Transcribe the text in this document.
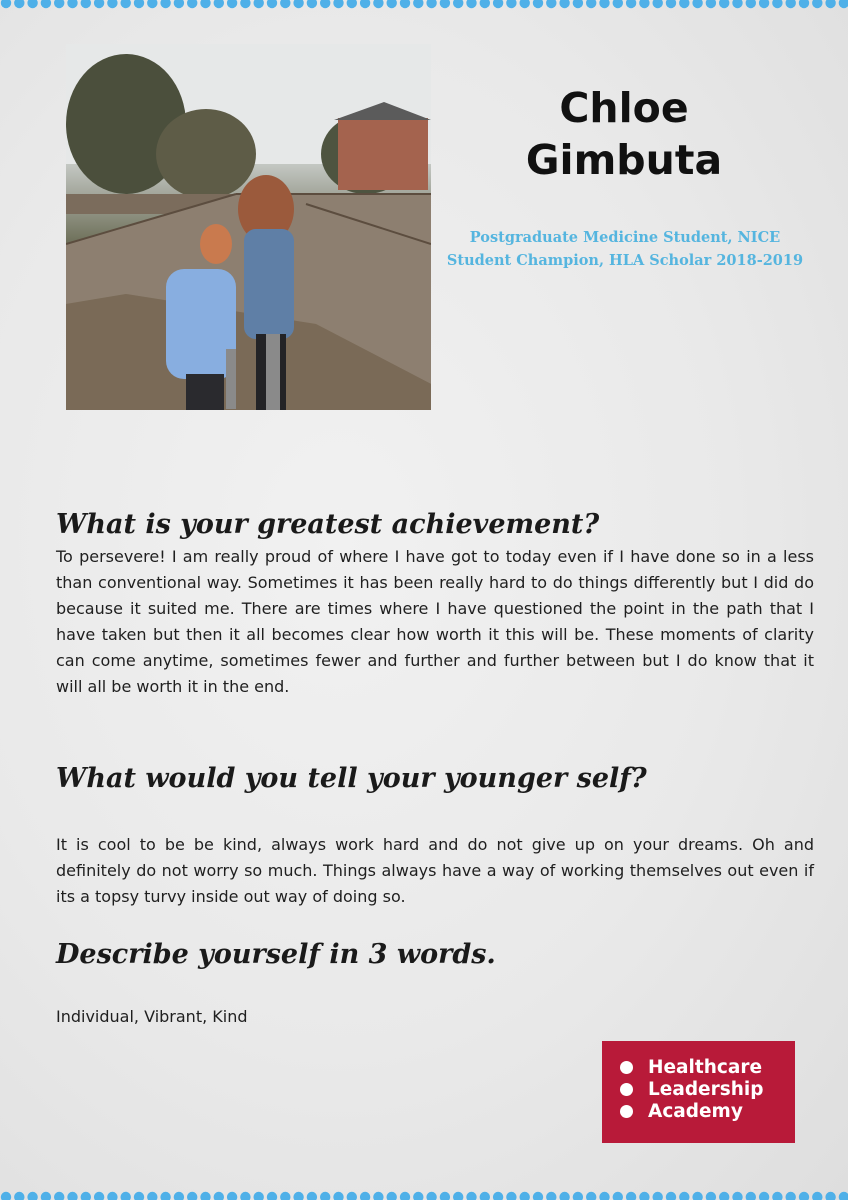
Chloe
Gimbuta
Postgraduate Medicine Student, NICE
Student Champion, HLA Scholar 2018-2019
What is your greatest achievement?

To persevere! I am really proud of where I have got to today even if I have done so in a less than conventional way. Sometimes it has been really hard to do things differently but I did do because it suited me. There are times where I have questioned the point in the path that I have taken but then it all becomes clear how worth it this will be. These moments of clarity can come anytime, sometimes fewer and further and further between but I do know that it will all be worth it in the end.

What would you tell your younger self?

It is cool to be be kind, always work hard and do not give up on your dreams. Oh and definitely do not worry so much. Things always have a way of working themselves out even if its a topsy turvy inside out way of doing so.

Describe yourself in 3 words.

Individual, Vibrant, Kind

Healthcare
Leadership
Academy
